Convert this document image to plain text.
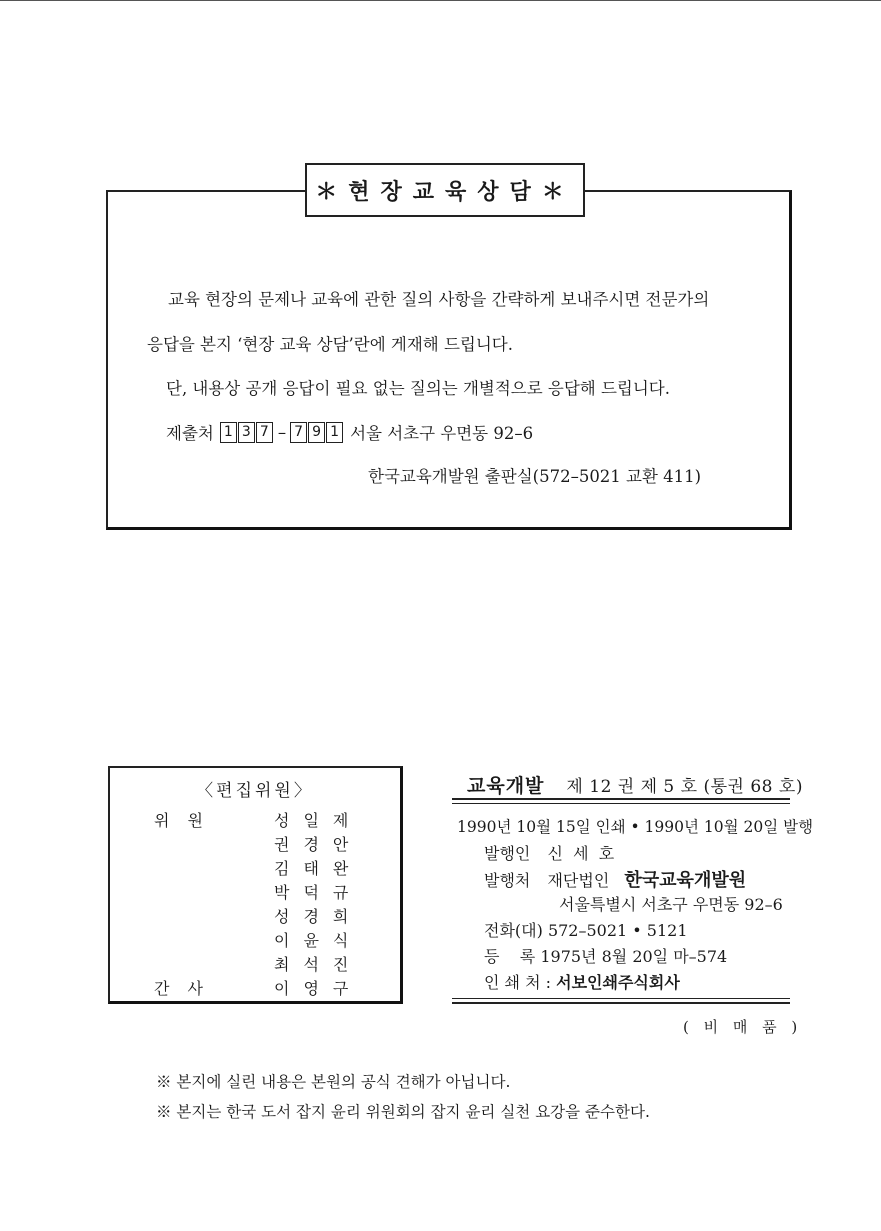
＊현장교육상담＊
교육 현장의 문제나 교육에 관한 질의 사항을 간략하게 보내주시면 전문가의
응답을 본지 ‘현장 교육 상담’란에 게재해 드립니다.
단, 내용상 공개 응답이 필요 없는 질의는 개별적으로 응답해 드립니다.
제출처 1 3 7 – 7 9 1 서울 서초구 우면동 92–6
한국교육개발원 출판실(572–5021 교환 411)
〈편집위원〉
위원	성일제
권경안
김태완
박덕규
성경희
이윤식
최석진
간사	이영구
교육개발 제 12 권 제 5 호 (통권 68 호)
1990년 10월 15일 인쇄 • 1990년 10월 20일 발행
발행인 신  세  호
발행처 재단법인 한국교육개발원
서울특별시 서초구 우면동 92–6
전화(대) 572–5021 • 5121
등    록 1975년 8월 20일 마–574
인 쇄 처 : 서보인쇄주식회사
( 비 매 품 )
※ 본지에 실린 내용은 본원의 공식 견해가 아닙니다.
※ 본지는 한국 도서 잡지 윤리 위원회의 잡지 윤리 실천 요강을 준수한다.
